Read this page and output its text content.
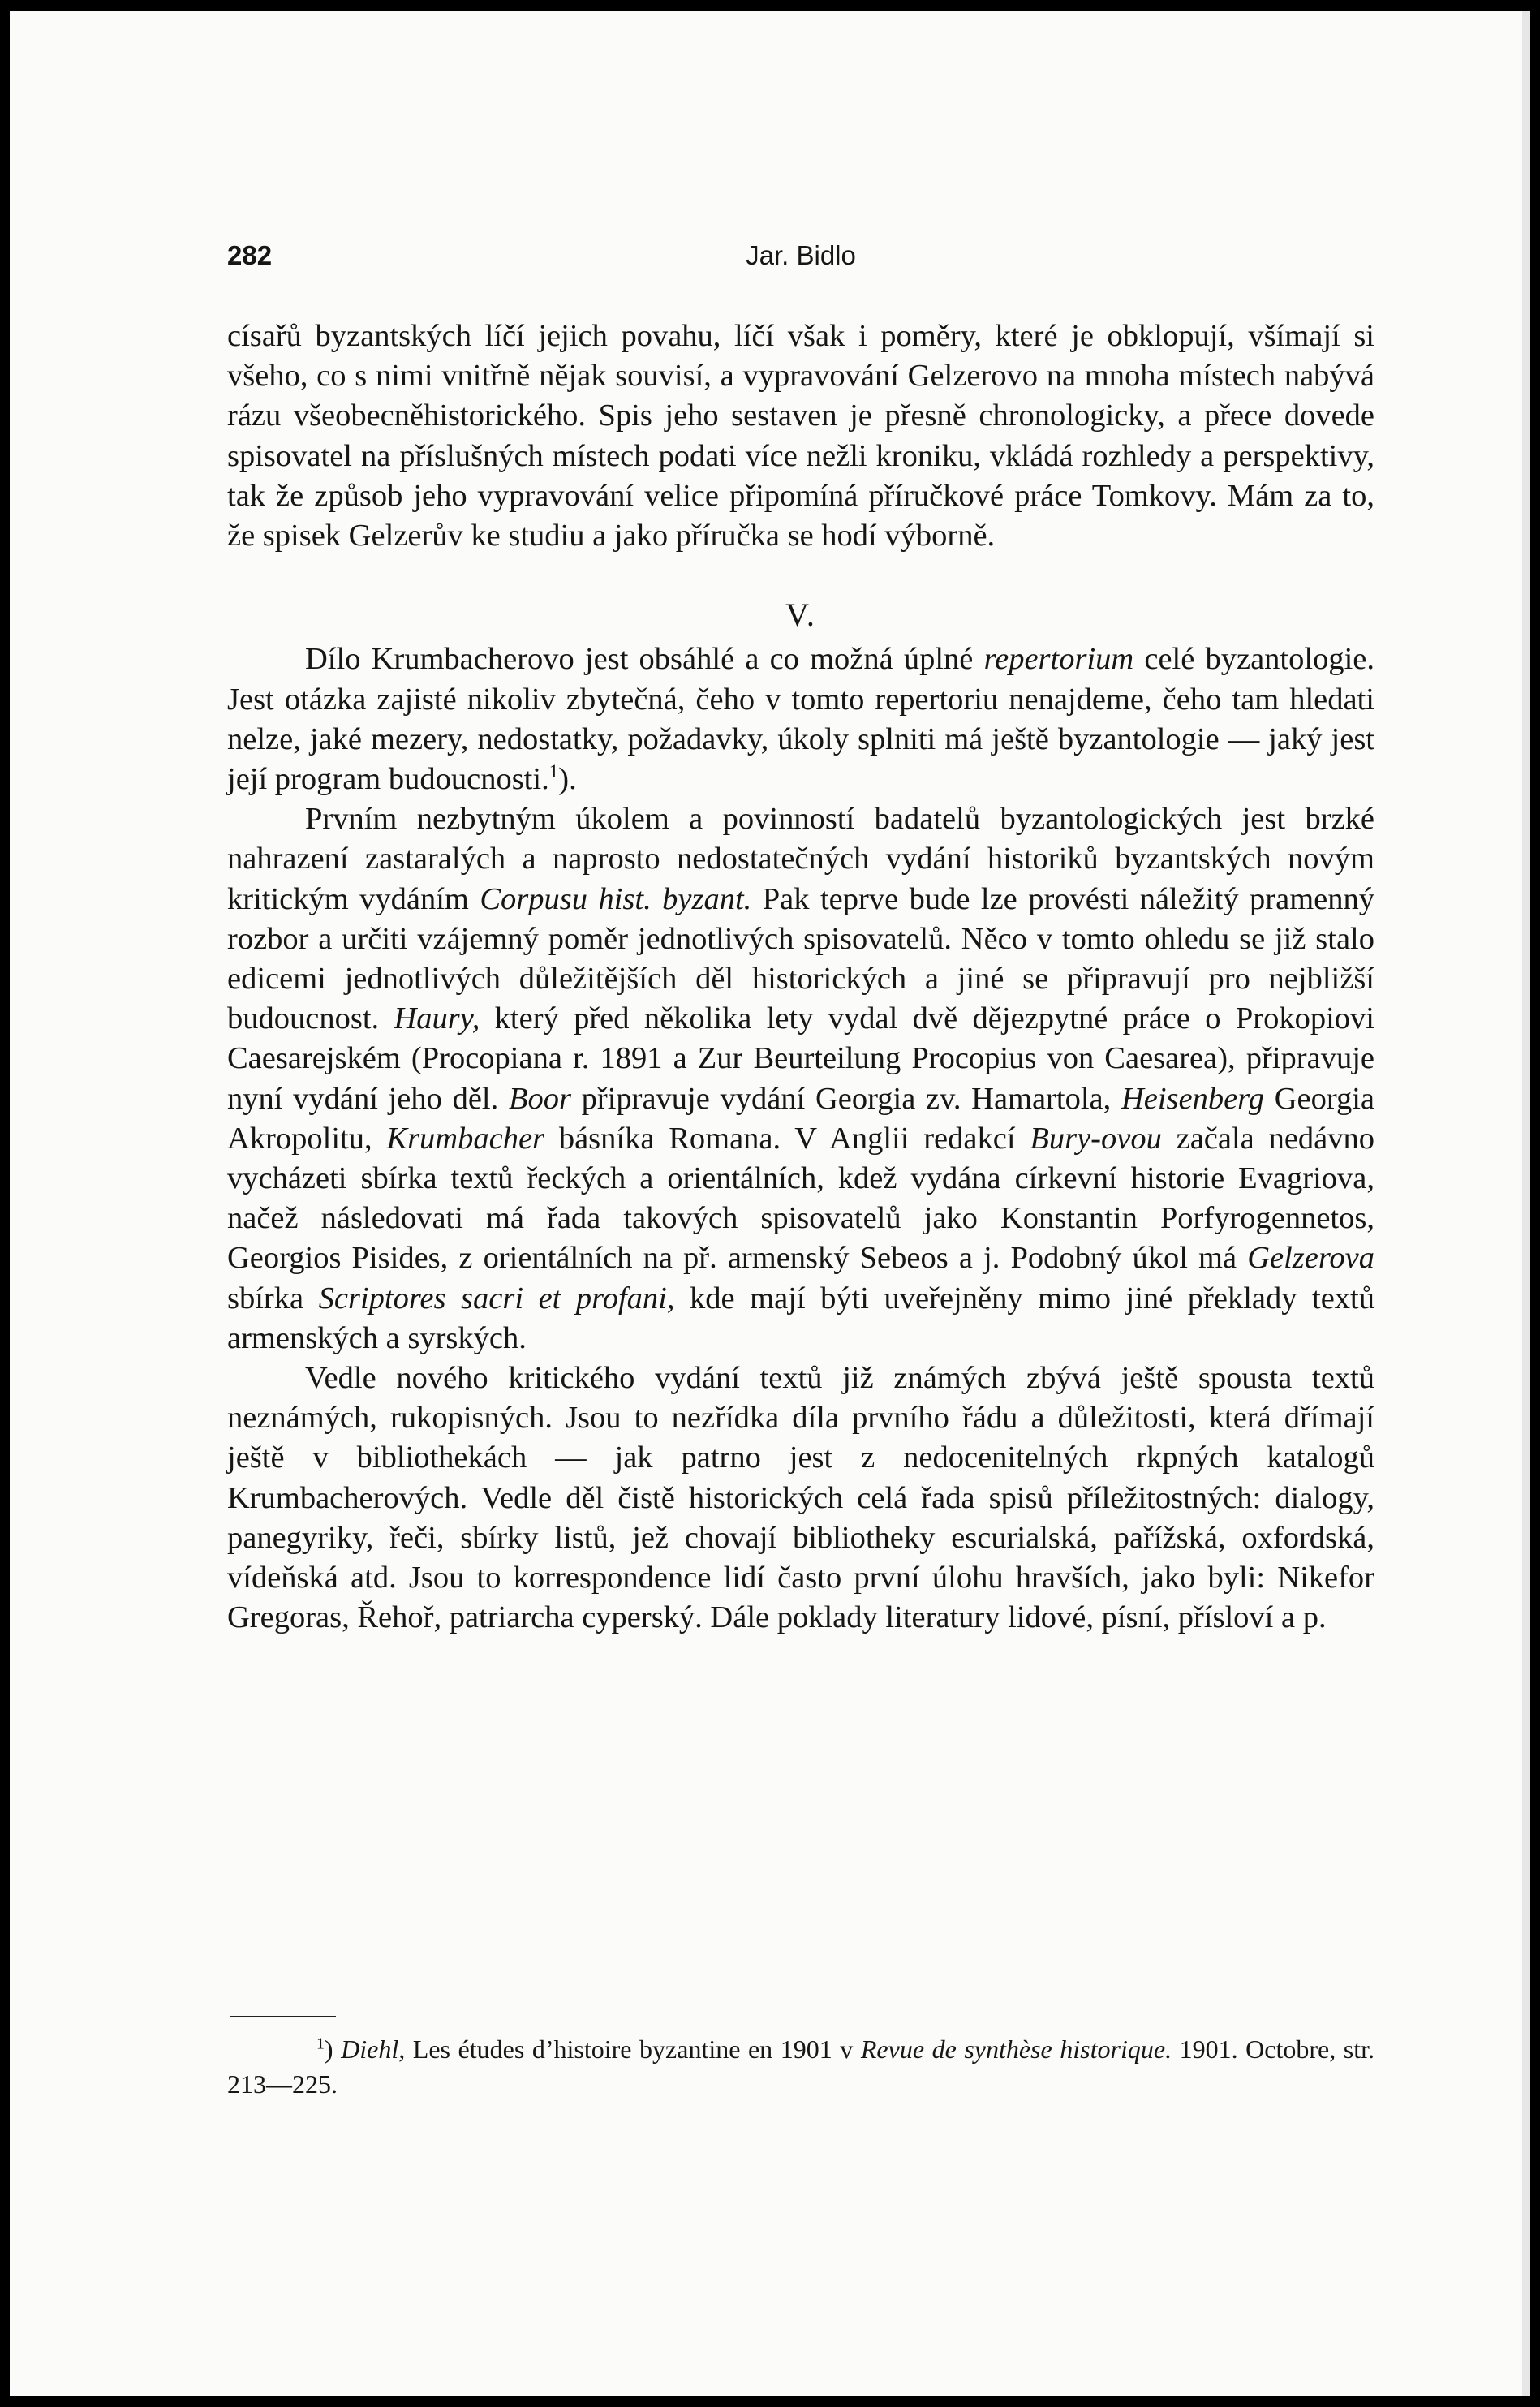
282	Jar. Bidlo

císařů byzantských líčí jejich povahu, líčí však i poměry, které je obklopují, všímají si všeho, co s nimi vnitřně nějak souvisí, a vypravování Gelzerovo na mnoha místech nabývá rázu všeobecněhistorického. Spis jeho sestaven je přesně chronologicky, a přece dovede spisovatel na příslušných místech podati více nežli kroniku, vkládá rozhledy a perspektivy, tak že způsob jeho vypravování velice připomíná příručkové práce Tomkovy. Mám za to, že spisek Gelzerův ke studiu a jako příručka se hodí výborně.

V.

Dílo Krumbacherovo jest obsáhlé a co možná úplné repertorium celé byzantologie. Jest otázka zajisté nikoliv zbytečná, čeho v tomto repertoriu nenajdeme, čeho tam hledati nelze, jaké mezery, nedostatky, požadavky, úkoly splniti má ještě byzantologie — jaký jest její program budoucnosti.$^1$).

Prvním nezbytným úkolem a povinností badatelů byzantologických jest brzké nahrazení zastaralých a naprosto nedostatečných vydání historiků byzantských novým kritickým vydáním Corpusu hist. byzant. Pak teprve bude lze provésti náležitý pramenný rozbor a určiti vzájemný poměr jednotlivých spisovatelů. Něco v tomto ohledu se již stalo edicemi jednotlivých důležitějších děl historických a jiné se připravují pro nejbližší budoucnost. Haury, který před několika lety vydal dvě dějezpytné práce o Prokopiovi Caesarejském (Procopiana r. 1891 a Zur Beurteilung Procopius von Caesarea), připravuje nyní vydání jeho děl. Boor připravuje vydání Georgia zv. Hamartola, Heisenberg Georgia Akropolitu, Krumbacher básníka Romana. V Anglii redakcí Bury-ovou začala nedávno vycházeti sbírka textů řeckých a orientálních, kdež vydána církevní historie Evagriova, načež následovati má řada takových spisovatelů jako Konstantin Porfyrogennetos, Georgios Pisides, z orientálních na př. armenský Sebeos a j. Podobný úkol má Gelzerova sbírka Scriptores sacri et profani, kde mají býti uveřejněny mimo jiné překlady textů armenských a syrských.

Vedle nového kritického vydání textů již známých zbývá ještě spousta textů neznámých, rukopisných. Jsou to nezřídka díla prvního řádu a důležitosti, která dřímají ještě v bibliothekách — jak patrno jest z nedocenitelných rkpných katalogů Krumbacherových. Vedle děl čistě historických celá řada spisů příležitostných: dialogy, panegyriky, řeči, sbírky listů, jež chovají bibliotheky escurialská, pařížská, oxfordská, vídeňská atd. Jsou to korrespondence lidí často první úlohu hravších, jako byli: Nikefor Gregoras, Řehoř, patriarcha cyperský. Dále poklady literatury lidové, písní, přísloví a p.

$^1$) Diehl, Les études d’histoire byzantine en 1901 v Revue de synthèse historique. 1901. Octobre, str. 213—225.
